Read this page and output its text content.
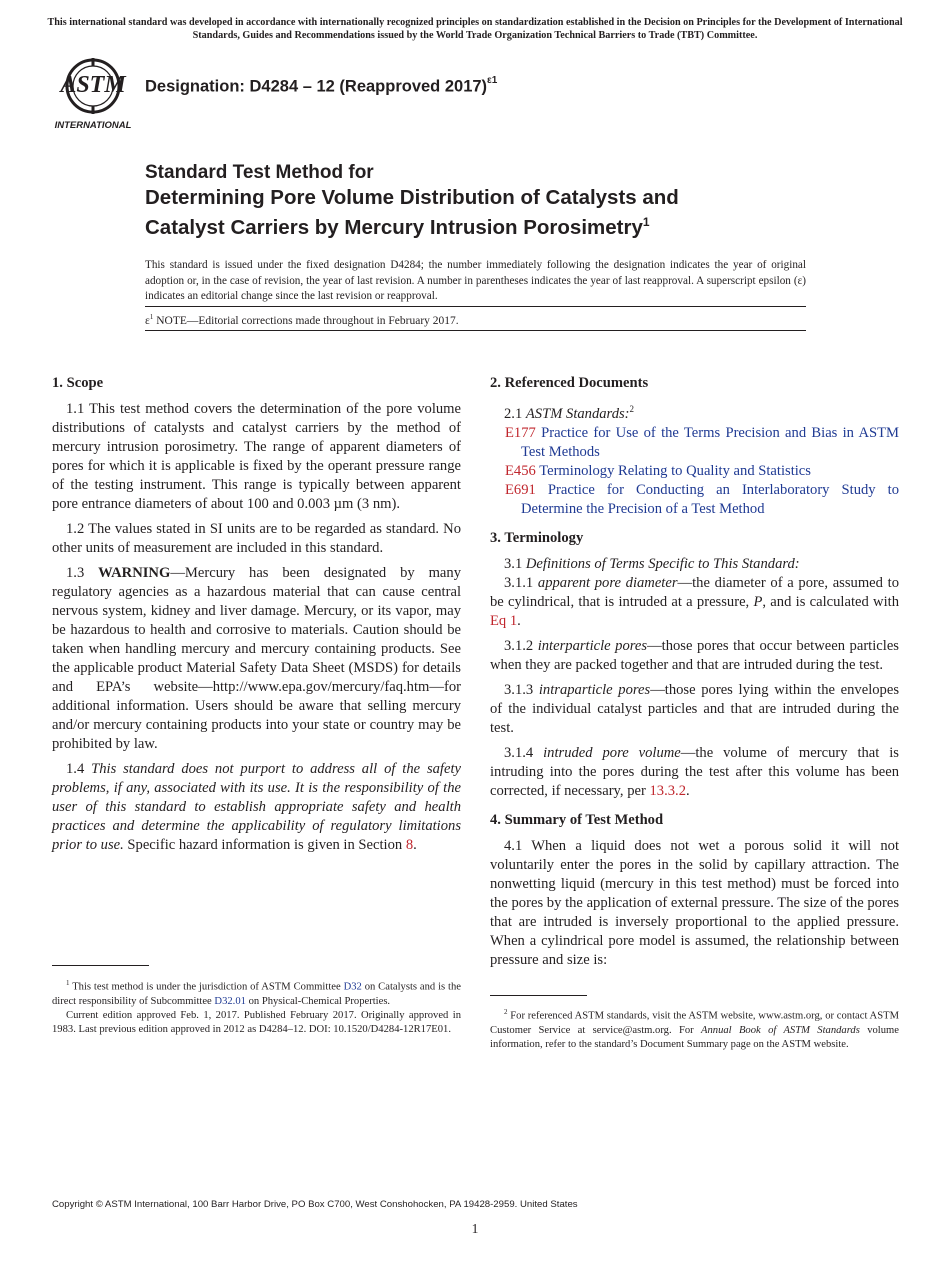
This international standard was developed in accordance with internationally recognized principles on standardization established in the Decision on Principles for the Development of International Standards, Guides and Recommendations issued by the World Trade Organization Technical Barriers to Trade (TBT) Committee.
ASTM
INTERNATIONAL
Designation: D4284 – 12 (Reapproved 2017)$^{\varepsilon 1}$
Standard Test Method for
Determining Pore Volume Distribution of Catalysts and
Catalyst Carriers by Mercury Intrusion Porosimetry$^1$
This standard is issued under the fixed designation D4284; the number immediately following the designation indicates the year of original adoption or, in the case of revision, the year of last revision. A number in parentheses indicates the year of last reapproval. A superscript epsilon (ε) indicates an editorial change since the last revision or reapproval.
$\varepsilon^1$ NOTE—Editorial corrections made throughout in February 2017.
1. Scope

1.1 This test method covers the determination of the pore volume distributions of catalysts and catalyst carriers by the method of mercury intrusion porosimetry. The range of apparent diameters of pores for which it is applicable is fixed by the operant pressure range of the testing instrument. This range is typically between apparent pore entrance diameters of about 100 and 0.003 µm (3 nm).

1.2 The values stated in SI units are to be regarded as standard. No other units of measurement are included in this standard.

1.3 WARNING—Mercury has been designated by many regulatory agencies as a hazardous material that can cause central nervous system, kidney and liver damage. Mercury, or its vapor, may be hazardous to health and corrosive to materials. Caution should be taken when handling mercury and mercury containing products. See the applicable product Material Safety Data Sheet (MSDS) for details and EPA’s website—http://www.epa.gov/mercury/faq.htm—for additional information. Users should be aware that selling mercury and/or mercury containing products into your state or country may be prohibited by law.

1.4 This standard does not purport to address all of the safety problems, if any, associated with its use. It is the responsibility of the user of this standard to establish appropriate safety and health practices and determine the applicability of regulatory limitations prior to use. Specific hazard information is given in Section 8.

2. Referenced Documents

2.1 ASTM Standards:$^2$

E177 Practice for Use of the Terms Precision and Bias in ASTM Test Methods

E456 Terminology Relating to Quality and Statistics

E691 Practice for Conducting an Interlaboratory Study to Determine the Precision of a Test Method

3. Terminology

3.1 Definitions of Terms Specific to This Standard:

3.1.1 apparent pore diameter—the diameter of a pore, assumed to be cylindrical, that is intruded at a pressure, P, and is calculated with Eq 1.

3.1.2 interparticle pores—those pores that occur between particles when they are packed together and that are intruded during the test.

3.1.3 intraparticle pores—those pores lying within the envelopes of the individual catalyst particles and that are intruded during the test.

3.1.4 intruded pore volume—the volume of mercury that is intruding into the pores during the test after this volume has been corrected, if necessary, per 13.3.2.

4. Summary of Test Method

4.1 When a liquid does not wet a porous solid it will not voluntarily enter the pores in the solid by capillary attraction. The nonwetting liquid (mercury in this test method) must be forced into the pores by the application of external pressure. The size of the pores that are intruded is inversely proportional to the applied pressure. When a cylindrical pore model is assumed, the relationship between pressure and size is:

$^1$ This test method is under the jurisdiction of ASTM Committee D32 on Catalysts and is the direct responsibility of Subcommittee D32.01 on Physical-Chemical Properties.

Current edition approved Feb. 1, 2017. Published February 2017. Originally approved in 1983. Last previous edition approved in 2012 as D4284–12. DOI: 10.1520/D4284-12R17E01.

$^2$ For referenced ASTM standards, visit the ASTM website, www.astm.org, or contact ASTM Customer Service at service@astm.org. For Annual Book of ASTM Standards volume information, refer to the standard’s Document Summary page on the ASTM website.

Copyright © ASTM International, 100 Barr Harbor Drive, PO Box C700, West Conshohocken, PA 19428-2959. United States
1
